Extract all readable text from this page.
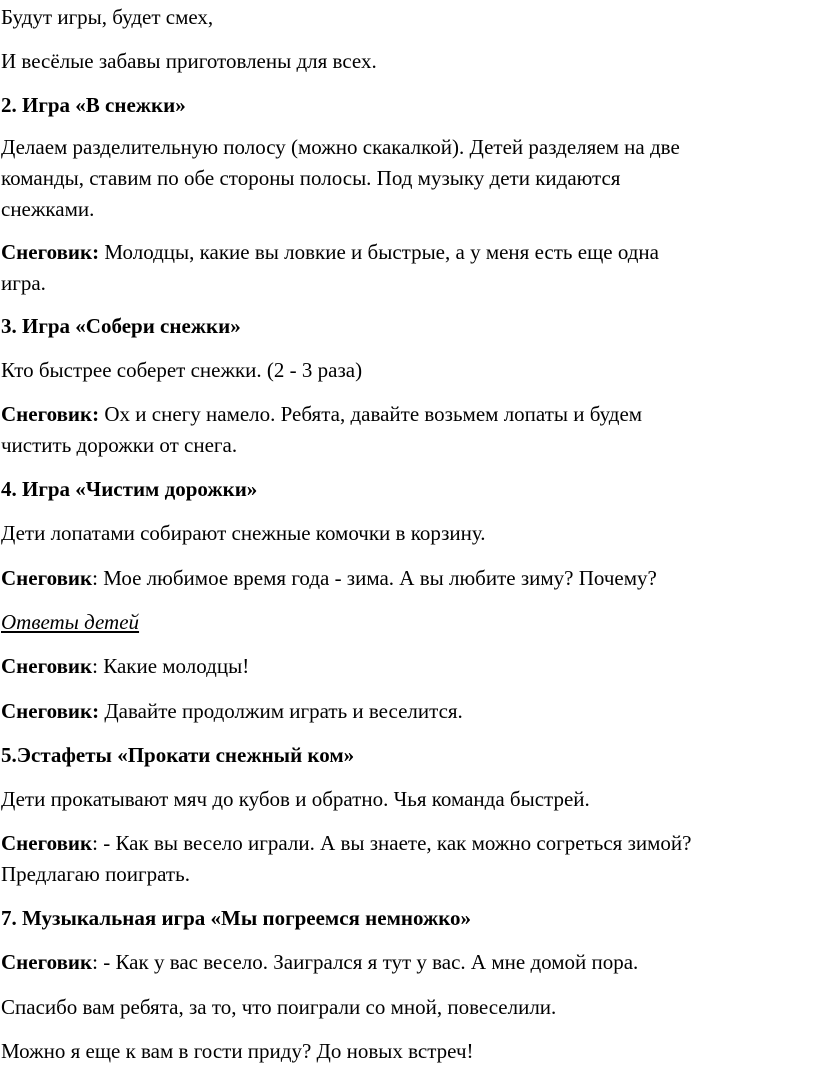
Будут игры, будет смех,

И весёлые забавы приготовлены для всех.

2. Игра «В снежки»

Делаем разделительную полосу (можно скакалкой). Детей разделяем на две

команды, ставим по обе стороны полосы. Под музыку дети кидаются

снежками.

Снеговик: Молодцы, какие вы ловкие и быстрые, а у меня есть еще одна

игра.

3. Игра «Собери снежки»

Кто быстрее соберет снежки. (2 - 3 раза)

Снеговик: Ох и снегу намело. Ребята, давайте возьмем лопаты и будем

чистить дорожки от снега.

4. Игра «Чистим дорожки»

Дети лопатами собирают снежные комочки в корзину.

Снеговик: Мое любимое время года - зима. А вы любите зиму? Почему?

Ответы детей

Снеговик: Какие молодцы!

Снеговик: Давайте продолжим играть и веселится.

5.Эстафеты «Прокати снежный ком»

Дети прокатывают мяч до кубов и обратно. Чья команда быстрей.

Снеговик: - Как вы весело играли. А вы знаете, как можно согреться зимой?

Предлагаю поиграть.

7. Музыкальная игра «Мы погреемся немножко»

Снеговик: - Как у вас весело. Заигрался я тут у вас. А мне домой пора.

Спасибо вам ребята, за то, что поиграли со мной, повеселили.

Можно я еще к вам в гости приду? До новых встреч!
